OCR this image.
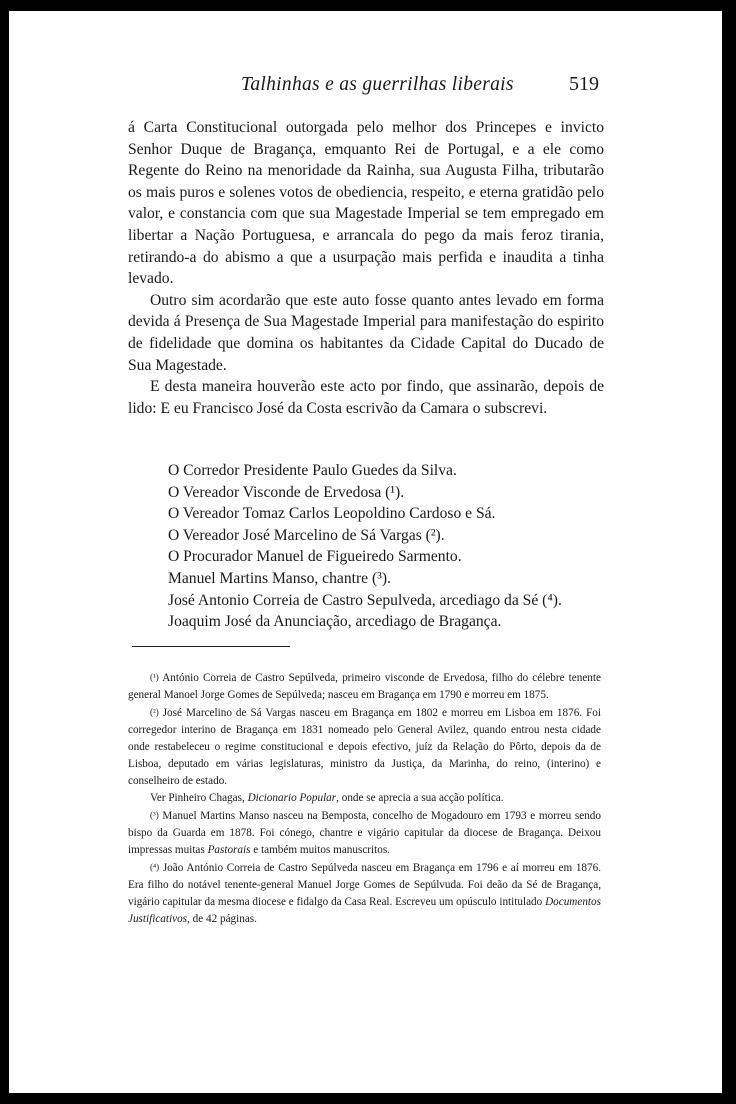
Talhinhas e as guerrilhas liberais	519

á Carta Constitucional outorgada pelo melhor dos Princepes e invicto Senhor Duque de Bragança, emquanto Rei de Portugal, e a ele como Regente do Reino na menoridade da Rainha, sua Augusta Filha, tributarão os mais puros e solenes votos de obediencia, respeito, e eterna gratidão pelo valor, e constancia com que sua Magestade Imperial se tem empregado em libertar a Nação Portuguesa, e arrancala do pego da mais feroz tirania, retirando-a do abismo a que a usurpação mais perfida e inaudita a tinha levado.

Outro sim acordarão que este auto fosse quanto antes levado em forma devida á Presença de Sua Magestade Imperial para manifestação do espirito de fidelidade que domina os habitantes da Cidade Capital do Ducado de Sua Magestade.

E desta maneira houverão este acto por findo, que assinarão, depois de lido: E eu Francisco José da Costa escrivão da Camara o subscrevi.

O Corredor Presidente Paulo Guedes da Silva.
O Vereador Visconde de Ervedosa (¹).
O Vereador Tomaz Carlos Leopoldino Cardoso e Sá.
O Vereador José Marcelino de Sá Vargas (²).
O Procurador Manuel de Figueiredo Sarmento.
Manuel Martins Manso, chantre (³).
José Antonio Correia de Castro Sepulveda, arcediago da Sé (⁴).
Joaquim José da Anunciação, arcediago de Bragança.

(¹) António Correia de Castro Sepúlveda, primeiro visconde de Ervedosa, filho do célebre tenente general Manoel Jorge Gomes de Sepúlveda; nasceu em Bragança em 1790 e morreu em 1875.

(²) José Marcelino de Sá Vargas nasceu em Bragança em 1802 e morreu em Lisboa em 1876. Foi corregedor interino de Bragança em 1831 nomeado pelo General Avilez, quando entrou nesta cidade onde restabeleceu o regime constitucional e depois efectivo, juíz da Relação do Pôrto, depois da de Lisboa, deputado em várias legislaturas, ministro da Justiça, da Marinha, do reino, (interino) e conselheiro de estado.

Ver Pinheiro Chagas, Dicionario Popular, onde se aprecia a sua acção política.

(³) Manuel Martins Manso nasceu na Bemposta, concelho de Mogadouro em 1793 e morreu sendo bispo da Guarda em 1878. Foi cónego, chantre e vigário capitular da diocese de Bragança. Deixou impressas muitas Pastorais e também muitos manuscritos.

(⁴) João António Correia de Castro Sepúlveda nasceu em Bragança em 1796 e aí morreu em 1876. Era filho do notável tenente-general Manuel Jorge Gomes de Sepúlvuda. Foi deão da Sé de Bragança, vigário capitular da mesma diocese e fidalgo da Casa Real. Escreveu um opúsculo intitulado Documentos Justificativos, de 42 páginas.
